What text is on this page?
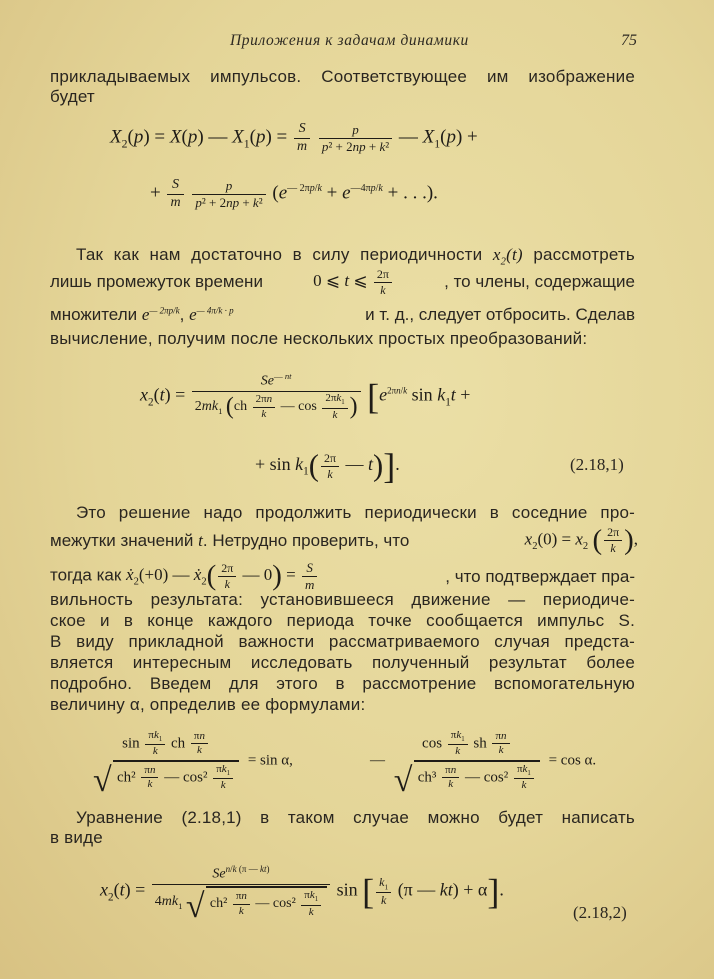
Приложения к задачам динамики	75
прикладываемых импульсов. Соответствующее им изображение
будет
$X_2(p) = X(p)$ — $X_1(p) = \frac{S}{m}$
$\frac{p}{\text{p² + 2np + k²}}$ — $X_1(p)$ +
+ $\frac{S}{m}$
$\frac{p}{\text{p² + 2np + k²}} (e^{— 2\pi p/k} + e^{—4\pi p/k}$ + . . .).
Так как нам достаточно в силу периодичности $x_2(t)$ рассмотреть
лишь промежуток времени	0 ⩽ t ⩽ $\frac{2\pi}{k}$	, то члены, содержащие
множители $e^{— 2\pi p/k}$, $e^{— 4\pi/k \cdot p}$	и т. д., следует отбросить. Сделав
вычисление, получим после нескольких простых преобразований:
$x_2(t) = \frac{Se^{— nt}}{2mk_1 (ch \frac{2\pi n}{k} — \cos \frac{2\pi k_1}{k} )} [e^{2\pi n/k}$ $\sin k_1t$ +
+ $\sin k_1( \frac{2\pi}{k}$ — t)].	(2.18,1)
Это решение надо продолжить периодически в соседние про-
межутки значений t. Нетрудно проверить, что	$x_2(0) = x_2$ ( $\frac{2\pi}{k}$ ),
тогда как ẋ$_2$(+0) — ẋ$_2$( $\frac{2\pi}{k}$ — $0) = \frac{S}{m}$	, что подтверждает пра-
вильность результата: установившееся движение — периодиче-
ское и в конце каждого периода точке сообщается импульс S.
В виду прикладной важности рассматриваемого случая предста-
вляется интересным исследовать полученный результат более
подробно. Введем для этого в рассмотрение вспомогательную
величину α, определив ее формулами:
$\sin \frac{\pi k_1}{k}$ ch $\frac{\pi n}{k}$
√ $ch^2 \frac{\pi n}{k}$ — $\cos^2 \frac{\pi k_1}{k}$
= sin α,	—
$\cos \frac{\pi k_1}{k}$ sh $\frac{\pi n}{k}$
√ $ch^3 \frac{\pi n}{k}$ — $\cos^2 \frac{\pi k_1}{k}$
= cos α.
Уравнение (2.18,1) в таком случае можно будет написать
в виде
$x_2(t) = \frac{Se^{n/k (\pi — kt)}}{4mk_1 √ ch^2 \frac{\pi n}{k} — \cos^2 \frac{\pi k_1}{k}}$ sin [ $\frac{k_1}{k} (\pi$ — kt) + α].
(2.18,2)
